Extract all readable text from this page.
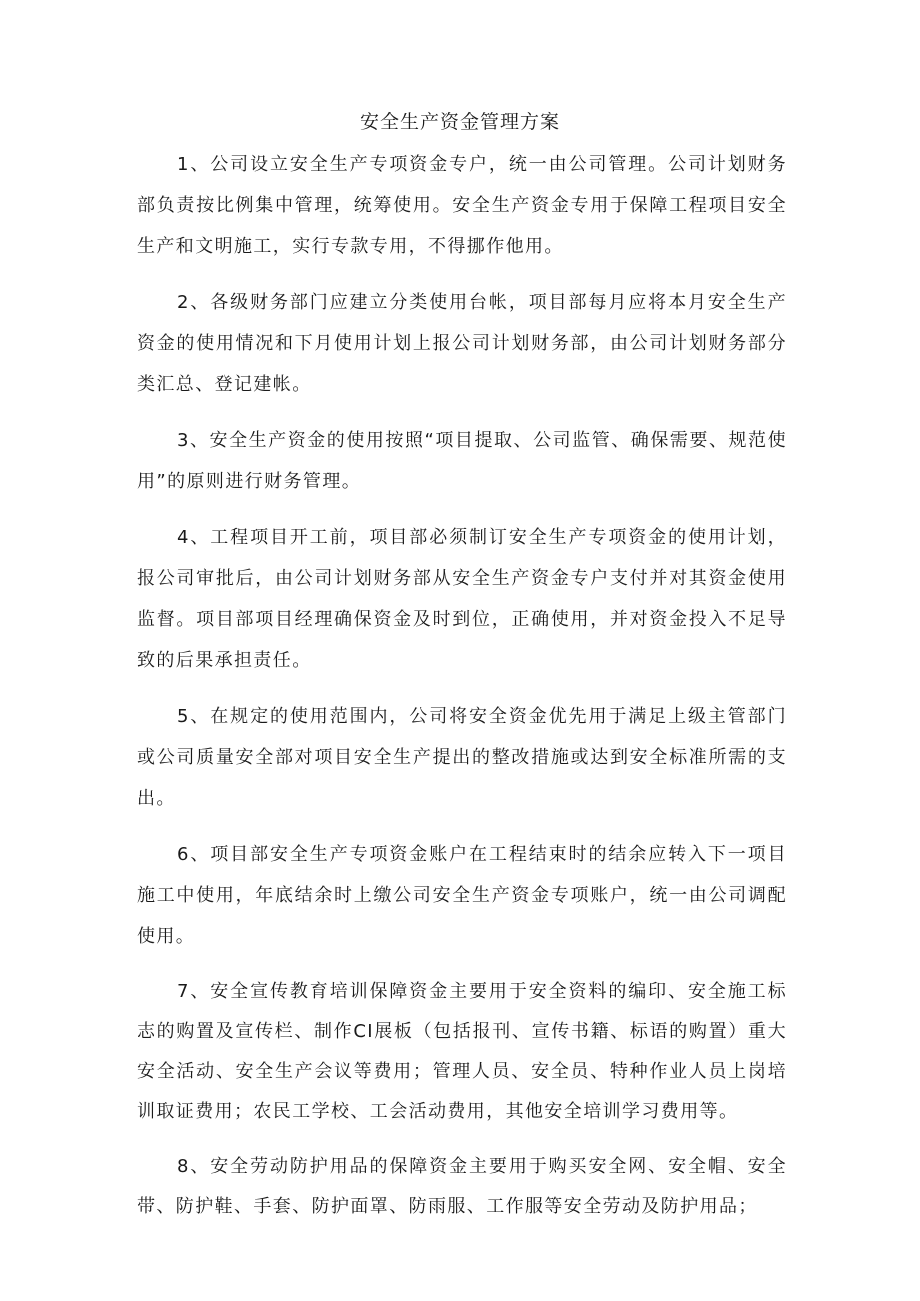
安全生产资金管理方案

1、公司设立安全生产专项资金专户，统一由公司管理。公司计划财务部负责按比例集中管理，统筹使用。安全生产资金专用于保障工程项目安全生产和文明施工，实行专款专用，不得挪作他用。

2、各级财务部门应建立分类使用台帐，项目部每月应将本月安全生产资金的使用情况和下月使用计划上报公司计划财务部，由公司计划财务部分类汇总、登记建帐。

3、安全生产资金的使用按照“项目提取、公司监管、确保需要、规范使用”的原则进行财务管理。

4、工程项目开工前，项目部必须制订安全生产专项资金的使用计划，报公司审批后，由公司计划财务部从安全生产资金专户支付并对其资金使用监督。项目部项目经理确保资金及时到位，正确使用，并对资金投入不足导致的后果承担责任。

5、在规定的使用范围内，公司将安全资金优先用于满足上级主管部门或公司质量安全部对项目安全生产提出的整改措施或达到安全标准所需的支出。

6、项目部安全生产专项资金账户在工程结束时的结余应转入下一项目施工中使用，年底结余时上缴公司安全生产资金专项账户，统一由公司调配使用。

7、安全宣传教育培训保障资金主要用于安全资料的编印、安全施工标志的购置及宣传栏、制作CI展板（包括报刊、宣传书籍、标语的购置）重大安全活动、安全生产会议等费用；管理人员、安全员、特种作业人员上岗培训取证费用；农民工学校、工会活动费用，其他安全培训学习费用等。

8、安全劳动防护用品的保障资金主要用于购买安全网、安全帽、安全带、防护鞋、手套、防护面罩、防雨服、工作服等安全劳动及防护用品；
